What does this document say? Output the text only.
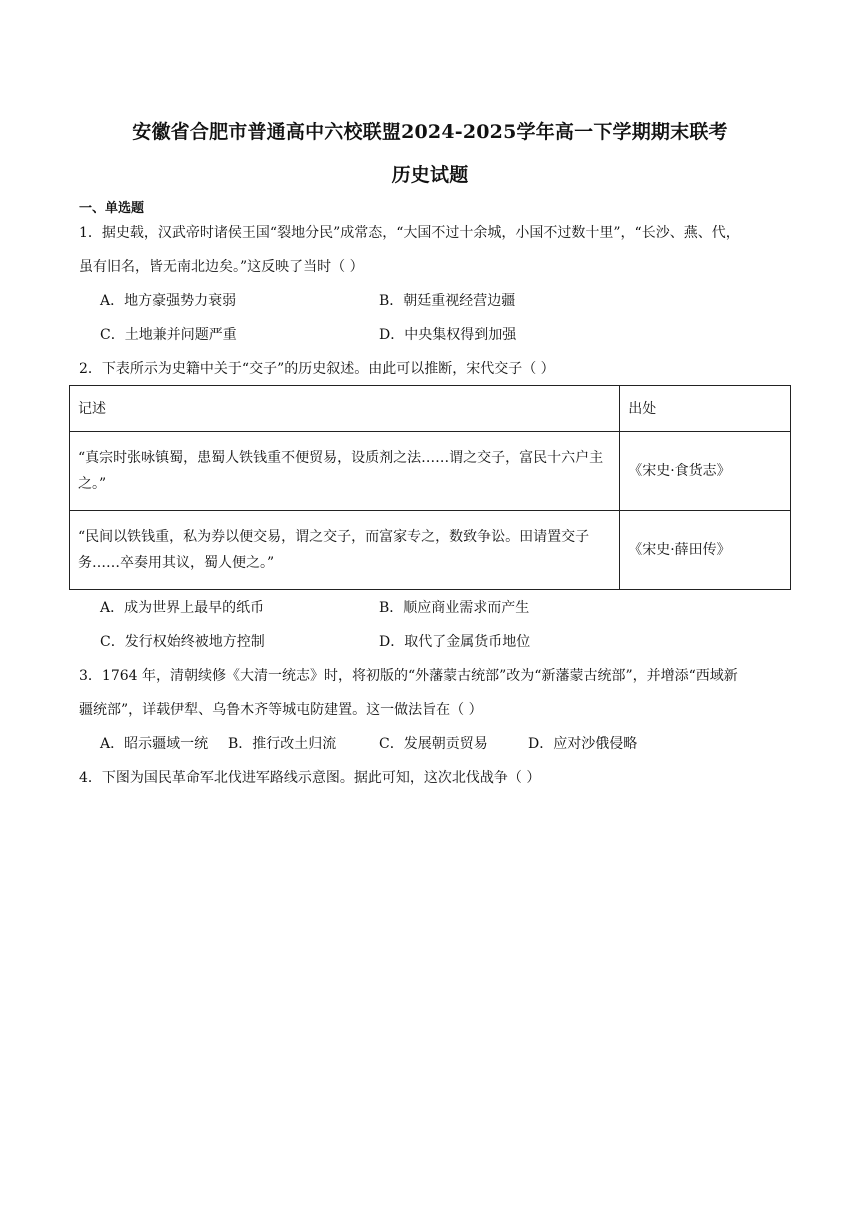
安徽省合肥市普通高中六校联盟2024-2025学年高一下学期期末联考
历史试题
一、单选题
1．据史载，汉武帝时诸侯王国“裂地分民”成常态，“大国不过十余城，小国不过数十里”，“长沙、燕、代，
虽有旧名，皆无南北边矣。”这反映了当时（ ）
A．地方豪强势力衰弱	B．朝廷重视经营边疆
C．土地兼并问题严重	D．中央集权得到加强
2．下表所示为史籍中关于“交子”的历史叙述。由此可以推断，宋代交子（ ）
记述	出处

“真宗时张咏镇蜀，患蜀人铁钱重不便贸易，设质剂之法……谓之交子，富民十六户主之。”	《宋史·食货志》

“民间以铁钱重，私为券以便交易，谓之交子，而富家专之，数致争讼。田请置交子务……卒奏用其议，蜀人便之。”	《宋史·薛田传》
A．成为世界上最早的纸币	B．顺应商业需求而产生
C．发行权始终被地方控制	D．取代了金属货币地位
3．1764 年，清朝续修《大清一统志》时，将初版的“外藩蒙古统部”改为“新藩蒙古统部”，并增添“西域新
疆统部”，详载伊犁、乌鲁木齐等城屯防建置。这一做法旨在（ ）
A．昭示疆域一统 B．推行改土归流	C．发展朝贡贸易	D．应对沙俄侵略
4．下图为国民革命军北伐进军路线示意图。据此可知，这次北伐战争（ ）
